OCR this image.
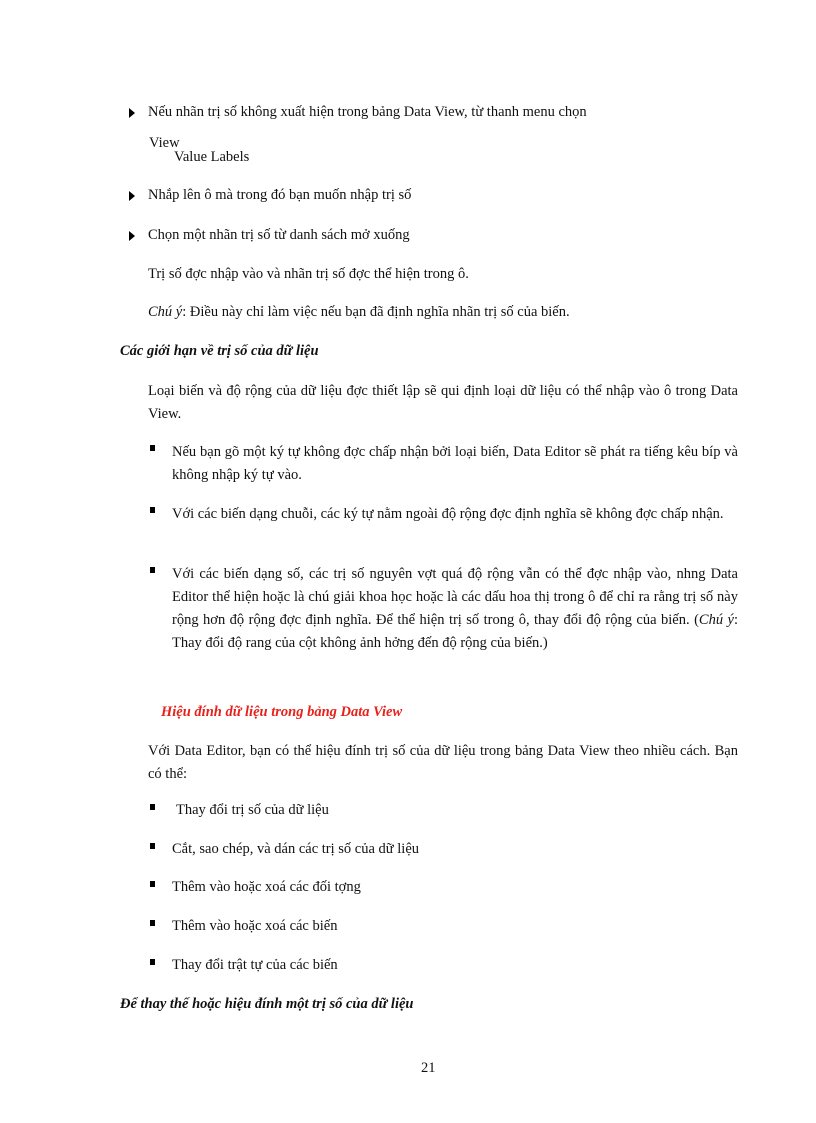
Nếu nhãn trị số không xuất hiện trong bảng Data View, từ thanh menu chọn
View
Value Labels
Nhắp lên ô mà trong đó bạn muốn nhập trị số
Chọn một nhãn trị số từ danh sách mở xuống
Trị số đợc nhập vào và nhãn trị số đợc thể hiện trong ô.
Chú ý: Điều này chỉ làm việc nếu bạn đã định nghĩa nhãn trị số của biến.
Các giới hạn về trị số của dữ liệu
Loại biến và độ rộng của dữ liệu đợc thiết lập sẽ qui định loại dữ liệu có thể nhập vào ô trong Data View.
Nếu bạn gõ một ký tự không đợc chấp nhận bởi loại biến, Data Editor sẽ phát ra tiếng kêu bíp và không nhập ký tự vào.
Với các biến dạng chuỗi, các ký tự nằm ngoài độ rộng đợc định nghĩa sẽ không đợc chấp nhận.
Với các biến dạng số, các trị số nguyên vợt quá độ rộng vẫn có thể đợc nhập vào, nhng Data Editor thể hiện hoặc là chú giải khoa học hoặc là các dấu hoa thị trong ô để chỉ ra rằng trị số này rộng hơn độ rộng đợc định nghĩa. Để thể hiện trị số trong ô, thay đổi độ rộng của biến. (Chú ý: Thay đổi độ rang của cột không ảnh hởng đến độ rộng của biến.)
Hiệu đính dữ liệu trong bảng Data View
Với Data Editor, bạn có thể hiệu đính trị số của dữ liệu trong bảng Data View theo nhiều cách. Bạn có thể:
Thay đổi trị số của dữ liệu
Cắt, sao chép, và dán các trị số của dữ liệu
Thêm vào hoặc xoá các đối tợng
Thêm vào hoặc xoá các biến
Thay đổi trật tự của các biến
Để thay thế hoặc hiệu đính một trị số của dữ liệu
21
